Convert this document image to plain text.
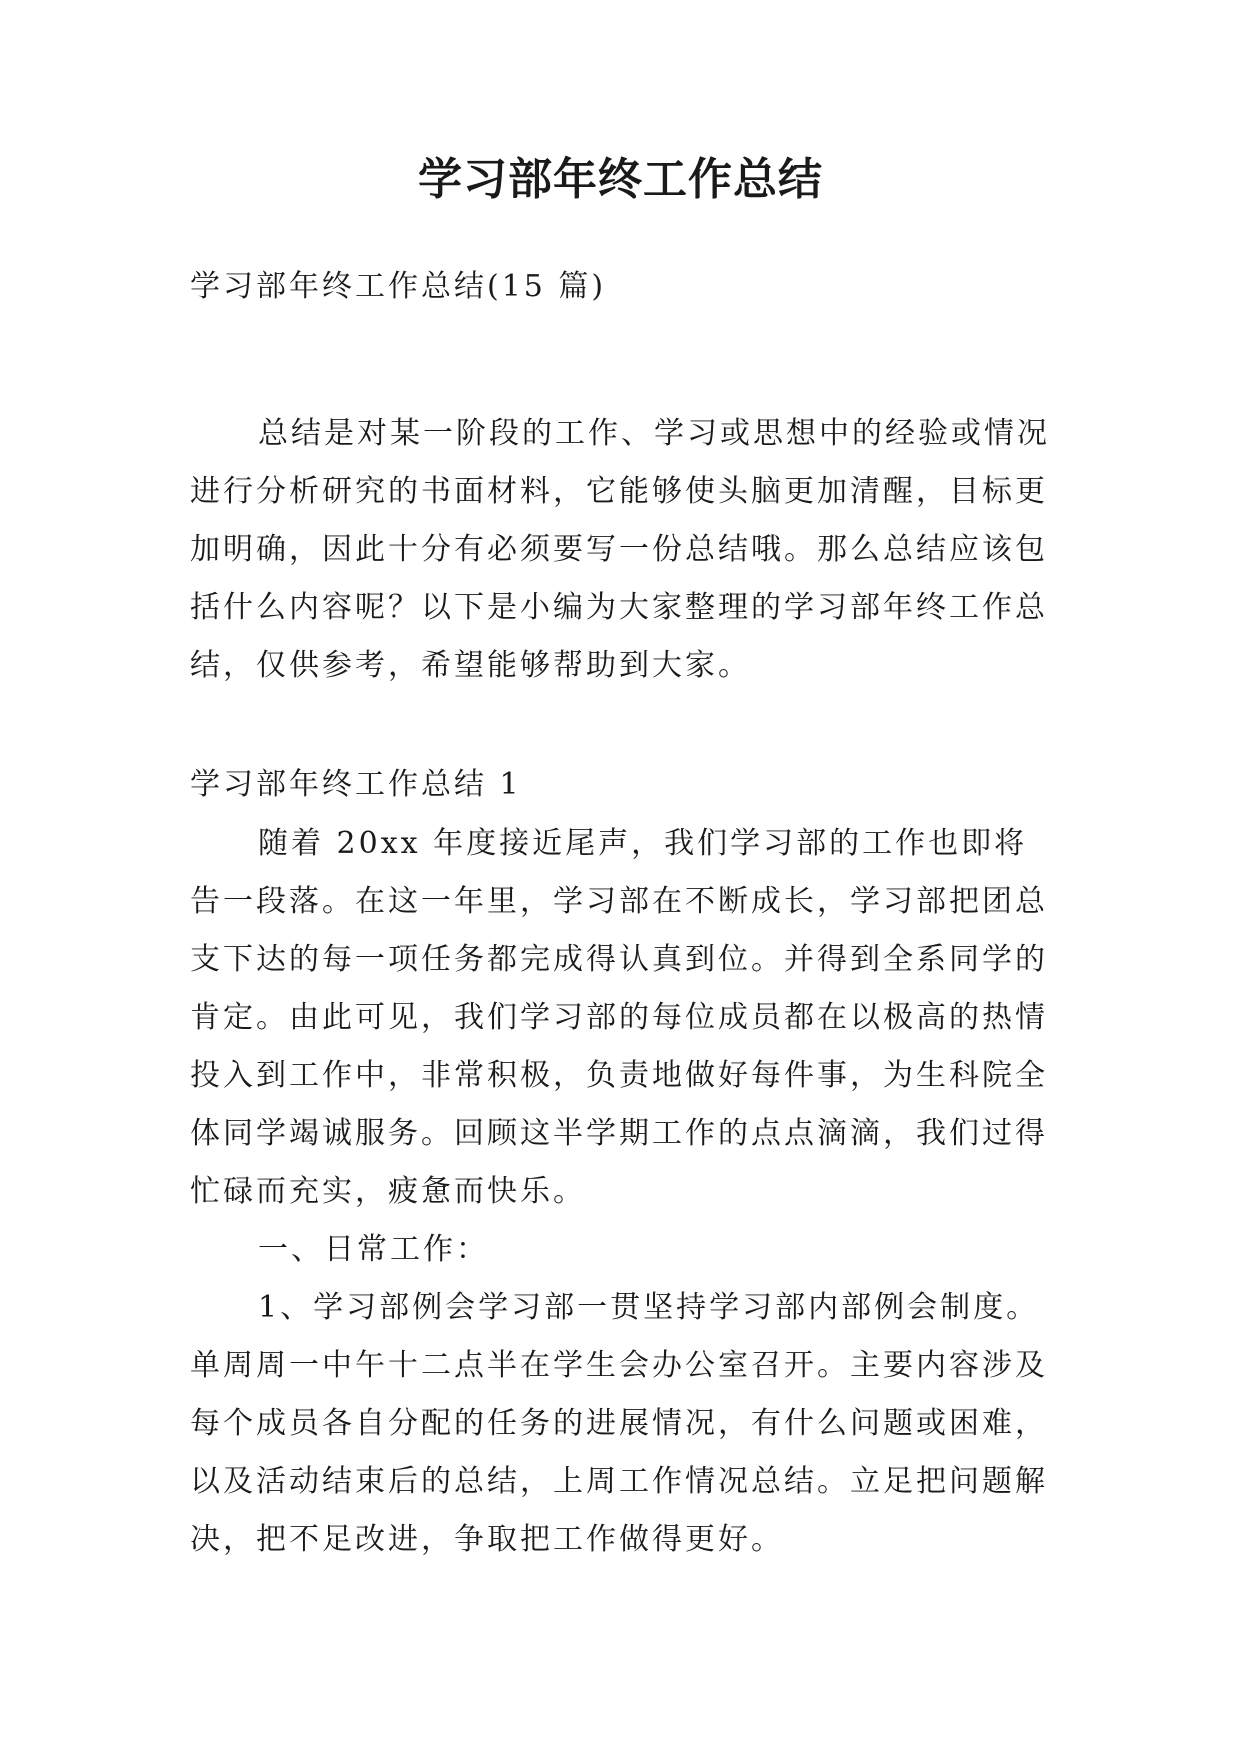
学习部年终工作总结
学习部年终工作总结(15 篇)
总结是对某一阶段的工作、学习或思想中的经验或情况进行分析研究的书面材料，它能够使头脑更加清醒，目标更加明确，因此十分有必须要写一份总结哦。那么总结应该包括什么内容呢？以下是小编为大家整理的学习部年终工作总结，仅供参考，希望能够帮助到大家。
学习部年终工作总结 1

随着 20xx 年度接近尾声，我们学习部的工作也即将告一段落。在这一年里，学习部在不断成长，学习部把团总支下达的每一项任务都完成得认真到位。并得到全系同学的肯定。由此可见，我们学习部的每位成员都在以极高的热情投入到工作中，非常积极，负责地做好每件事，为生科院全体同学竭诚服务。回顾这半学期工作的点点滴滴，我们过得忙碌而充实，疲惫而快乐。

一、日常工作：

1、学习部例会学习部一贯坚持学习部内部例会制度。单周周一中午十二点半在学生会办公室召开。主要内容涉及每个成员各自分配的任务的进展情况，有什么问题或困难，以及活动结束后的总结，上周工作情况总结。立足把问题解决，把不足改进，争取把工作做得更好。
